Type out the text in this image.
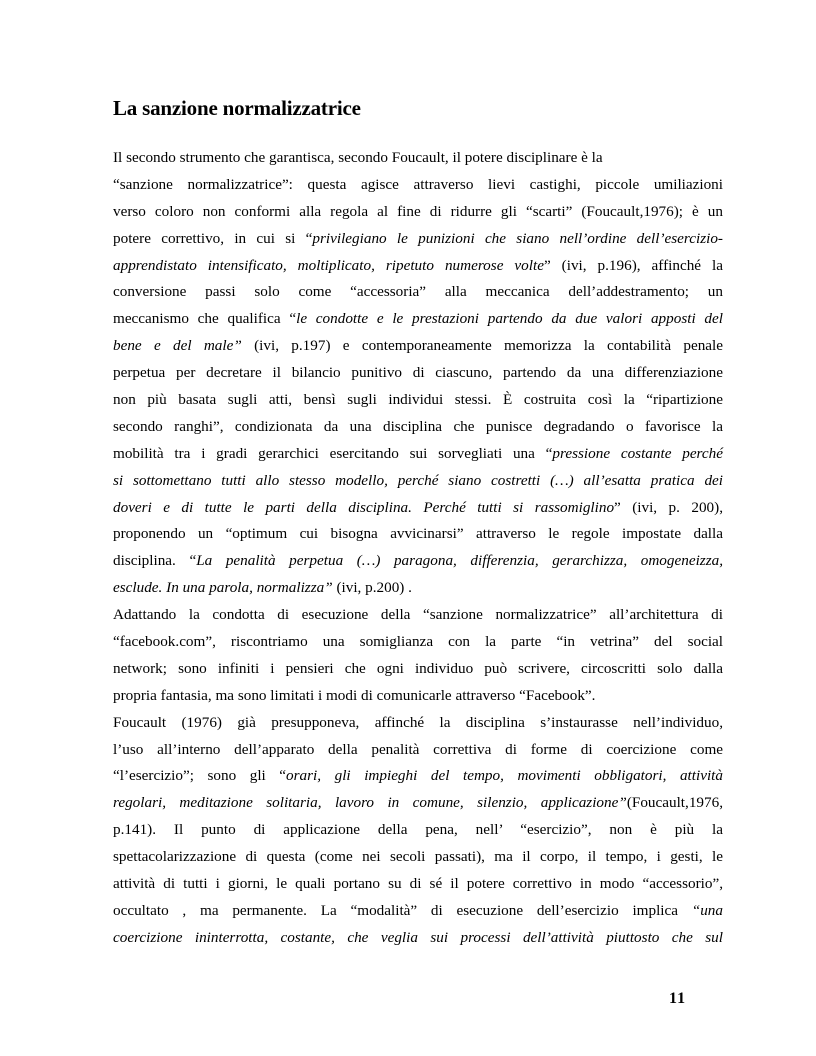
La sanzione normalizzatrice
Il secondo strumento che garantisca, secondo Foucault, il potere disciplinare è la
“sanzione normalizzatrice”: questa agisce attraverso lievi castighi, piccole umiliazioni
verso coloro non conformi alla regola al fine di ridurre gli “scarti” (Foucault,1976); è un
potere correttivo, in cui si “privilegiano le punizioni che siano nell’ordine dell’esercizio-
apprendistato intensificato, moltiplicato, ripetuto numerose volte” (ivi, p.196), affinché la
conversione passi solo come “accessoria” alla meccanica dell’addestramento; un
meccanismo che qualifica “le condotte e le prestazioni partendo da due valori apposti del
bene e del male” (ivi, p.197) e contemporaneamente memorizza la contabilità penale
perpetua per decretare il bilancio punitivo di ciascuno, partendo da una differenziazione
non più basata sugli atti, bensì sugli individui stessi. È costruita così la “ripartizione
secondo ranghi”, condizionata da una disciplina che punisce degradando o favorisce la
mobilità tra i gradi gerarchici esercitando sui sorvegliati una “pressione costante perché
si sottomettano tutti allo stesso modello, perché siano costretti (…) all’esatta pratica dei
doveri e di tutte le parti della disciplina. Perché tutti si rassomiglino” (ivi, p. 200),
proponendo un “optimum cui bisogna avvicinarsi” attraverso le regole impostate dalla
disciplina. “La penalità perpetua (…) paragona, differenzia, gerarchizza, omogeneizza,
esclude. In una parola, normalizza” (ivi, p.200) .
Adattando la condotta di esecuzione della “sanzione normalizzatrice” all’architettura di
“facebook.com”, riscontriamo una somiglianza con la parte “in vetrina” del social
network; sono infiniti i pensieri che ogni individuo può scrivere, circoscritti solo dalla
propria fantasia, ma sono limitati i modi di comunicarle attraverso “Facebook”.
Foucault (1976) già presupponeva, affinché la disciplina s’instaurasse nell’individuo,
l’uso all’interno dell’apparato della penalità correttiva di forme di coercizione come
“l’esercizio”; sono gli “orari, gli impieghi del tempo, movimenti obbligatori, attività
regolari, meditazione solitaria, lavoro in comune, silenzio, applicazione”(Foucault,1976,
p.141). Il punto di applicazione della pena, nell’ “esercizio”, non è più la
spettacolarizzazione di questa (come nei secoli passati), ma il corpo, il tempo, i gesti, le
attività di tutti i giorni, le quali portano su di sé il potere correttivo in modo “accessorio”,
occultato , ma permanente. La “modalità” di esecuzione dell’esercizio implica “una
coercizione ininterrotta, costante, che veglia sui processi dell’attività piuttosto che sul
11
